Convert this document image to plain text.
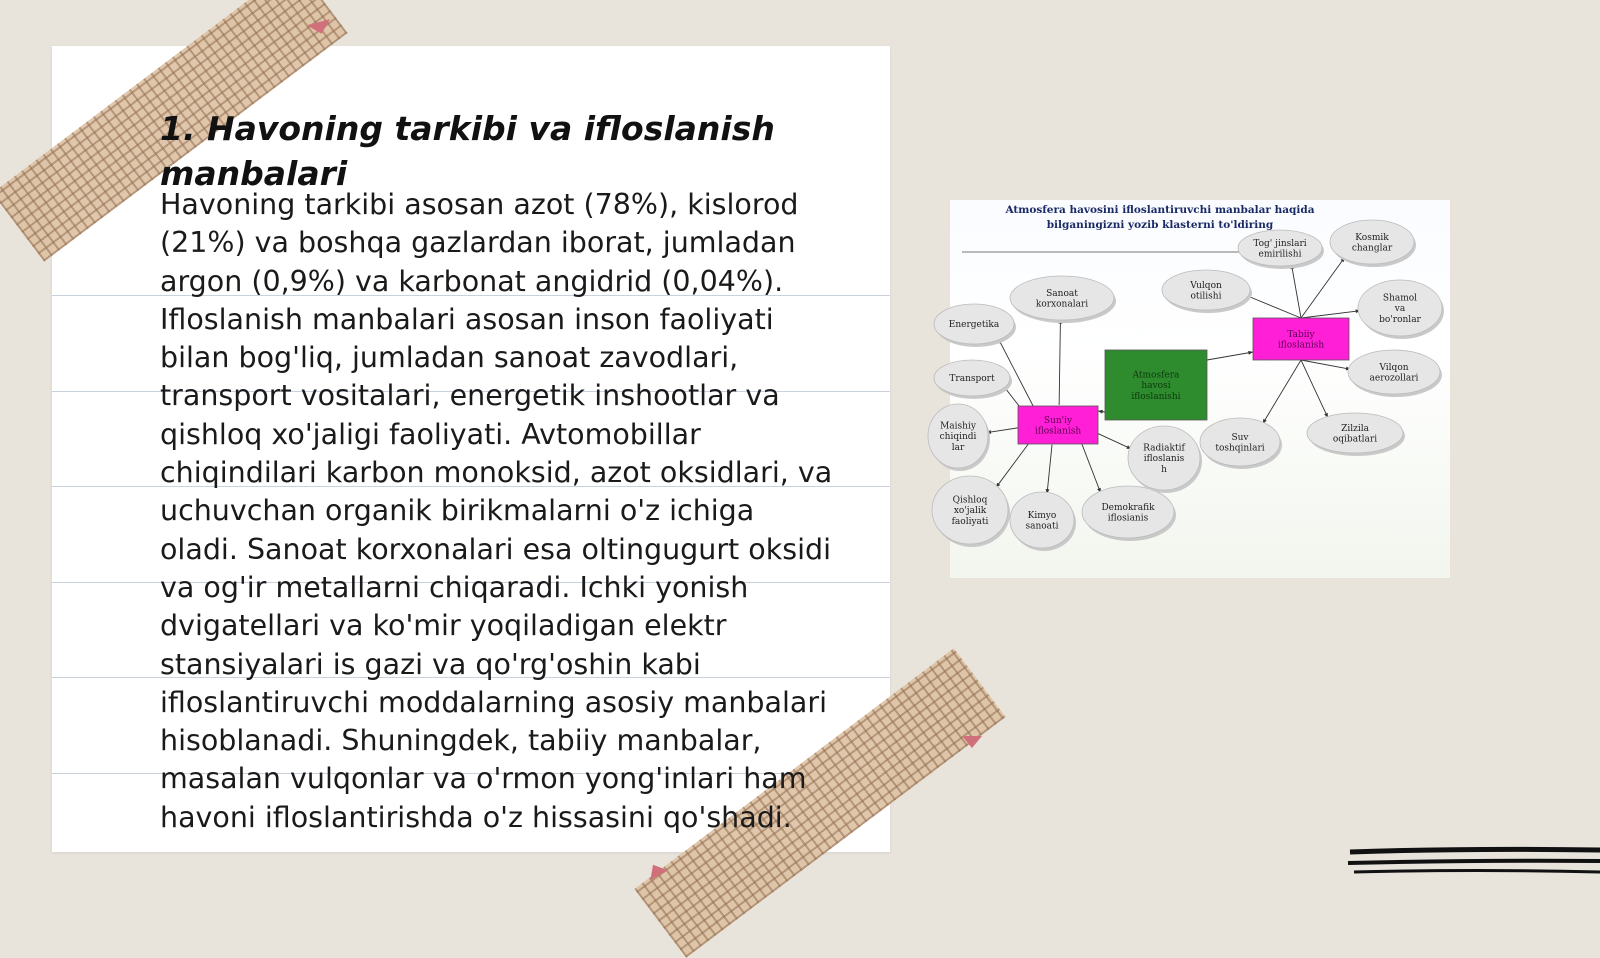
1. Havoning tarkibi va ifloslanish manbalari

Havoning tarkibi asosan azot (78%), kislorod (21%) va boshqa gazlardan iborat, jumladan argon (0,9%) va karbonat angidrid (0,04%). Ifloslanish manbalari asosan inson faoliyati bilan bog'liq, jumladan sanoat zavodlari, transport vositalari, energetik inshootlar va qishloq xo'jaligi faoliyati. Avtomobillar chiqindilari karbon monoksid, azot oksidlari, va uchuvchan organik birikmalarni o'z ichiga oladi. Sanoat korxonalari esa oltingugurt oksidi va og'ir metallarni chiqaradi. Ichki yonish dvigatellari va ko'mir yoqiladigan elektr stansiyalari is gazi va qo'rg'oshin kabi ifloslantiruvchi moddalarning asosiy manbalari hisoblanadi. Shuningdek, tabiiy manbalar, masalan vulqonlar va o'rmon yong'inlari ham havoni ifloslantirishda o'z hissasini qo'shadi.

Atmosfera havosini ifloslantiruvchi manbalar haqida
bilganingizni yozib klasterni to'ldiring
Tog' jinslari
emirilishi
Kosmik
changlar
Vulqon
otilishi	Shamol
va
bo'ronlar
Vilqon
aerozollari
Zilzila
oqibatlari
Suv
toshqinlari
Sanoat
korxonalari
Energetika
Transport
Maishiy
chiqindi
lar
Qishloq
xo'jalik
faoliyati
Kimyo
sanoati
Demokrafik
iflosianis
Radiaktif
ifloslanis
h
Atmosfera
havosi
ifloslanishi
Tabiiy
ifloslanish
Sun'iy
ifloslanish
